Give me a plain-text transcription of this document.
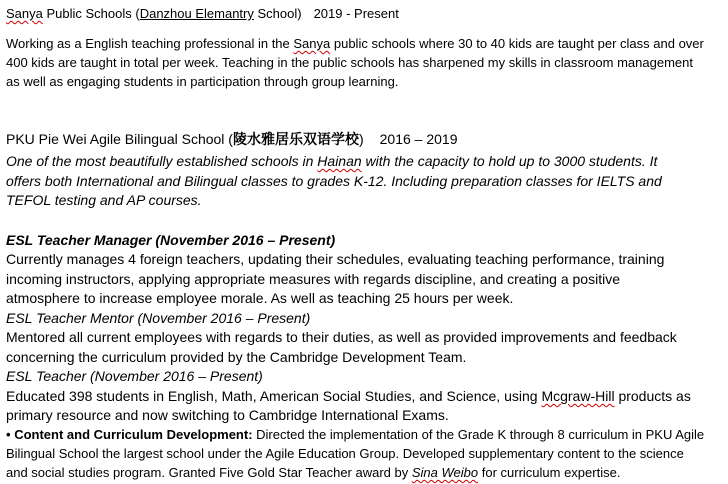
Sanya Public Schools (Danzhou Elemantry School) 2019 - Present
Working as a English teaching professional in the Sanya public schools where 30 to 40 kids are taught per class and over
400 kids are taught in total per week. Teaching in the public schools has sharpened my skills in classroom management
as well as engaging students in participation through group learning.
PKU Pie Wei Agile Bilingual School (陵水雅居乐双语学校) 2016 – 2019
One of the most beautifully established schools in Hainan with the capacity to hold up to 3000 students. It
offers both International and Bilingual classes to grades K-12. Including preparation classes for IELTS and
TEFOL testing and AP courses.
ESL Teacher Manager (November 2016 – Present)
Currently manages 4 foreign teachers, updating their schedules, evaluating teaching performance, training
incoming instructors, applying appropriate measures with regards discipline, and creating a positive
atmosphere to increase employee morale. As well as teaching 25 hours per week.
ESL Teacher Mentor (November 2016 – Present)
Mentored all current employees with regards to their duties, as well as provided improvements and feedback
concerning the curriculum provided by the Cambridge Development Team.
ESL Teacher (November 2016 – Present)
Educated 398 students in English, Math, American Social Studies, and Science, using Mcgraw-Hill products as
primary resource and now switching to Cambridge International Exams.
• Content and Curriculum Development: Directed the implementation of the Grade K through 8 curriculum in PKU Agile
Bilingual School the largest school under the Agile Education Group. Developed supplementary content to the science
and social studies program. Granted Five Gold Star Teacher award by Sina Weibo for curriculum expertise.
